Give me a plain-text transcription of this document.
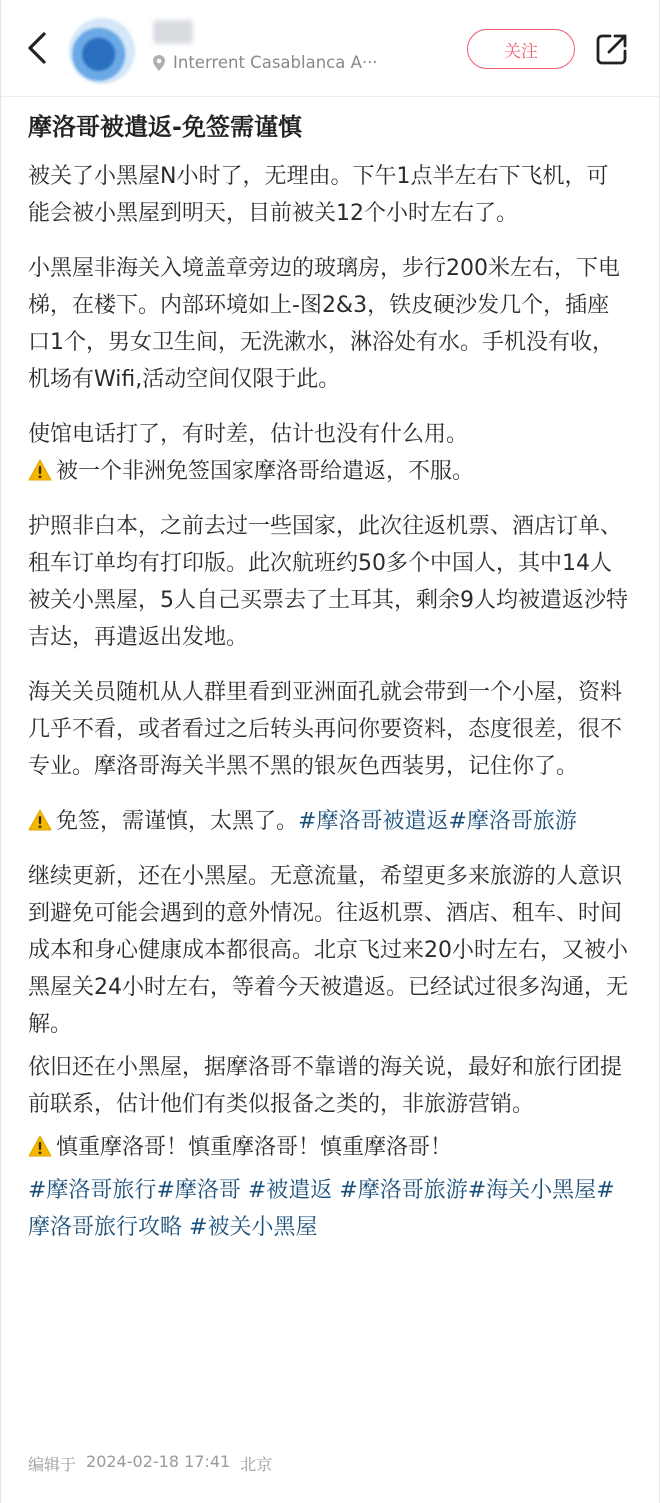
Interrent Casablanca A···
关注
摩洛哥被遣返-免签需谨慎

被关了小黑屋N小时了，无理由。下午1点半左右下飞机，可能会被小黑屋到明天，目前被关12个小时左右了。

小黑屋非海关入境盖章旁边的玻璃房，步行200米左右，下电梯，在楼下。内部环境如上-图2&3，铁皮硬沙发几个，插座口1个，男女卫生间，无洗漱水，淋浴处有水。手机没有收，机场有Wifi,活动空间仅限于此。

使馆电话打了，有时差，估计也没有什么用。
被一个非洲免签国家摩洛哥给遣返，不服。

护照非白本，之前去过一些国家，此次往返机票、酒店订单、租车订单均有打印版。此次航班约50多个中国人，其中14人被关小黑屋，5人自己买票去了土耳其，剩余9人均被遣返沙特吉达，再遣返出发地。

海关关员随机从人群里看到亚洲面孔就会带到一个小屋，资料几乎不看，或者看过之后转头再问你要资料，态度很差，很不专业。摩洛哥海关半黑不黑的银灰色西装男，记住你了。

免签，需谨慎，太黑了。#摩洛哥被遣返#摩洛哥旅游

继续更新，还在小黑屋。无意流量，希望更多来旅游的人意识到避免可能会遇到的意外情况。往返机票、酒店、租车、时间成本和身心健康成本都很高。北京飞过来20小时左右，又被小黑屋关24小时左右，等着今天被遣返。已经试过很多沟通，无解。

依旧还在小黑屋，据摩洛哥不靠谱的海关说，最好和旅行团提前联系，估计他们有类似报备之类的，非旅游营销。

慎重摩洛哥！慎重摩洛哥！慎重摩洛哥！

#摩洛哥旅行#摩洛哥 #被遣返 #摩洛哥旅游#海关小黑屋#摩洛哥旅行攻略 #被关小黑屋

编辑于 2024-02-18 17:41 北京
